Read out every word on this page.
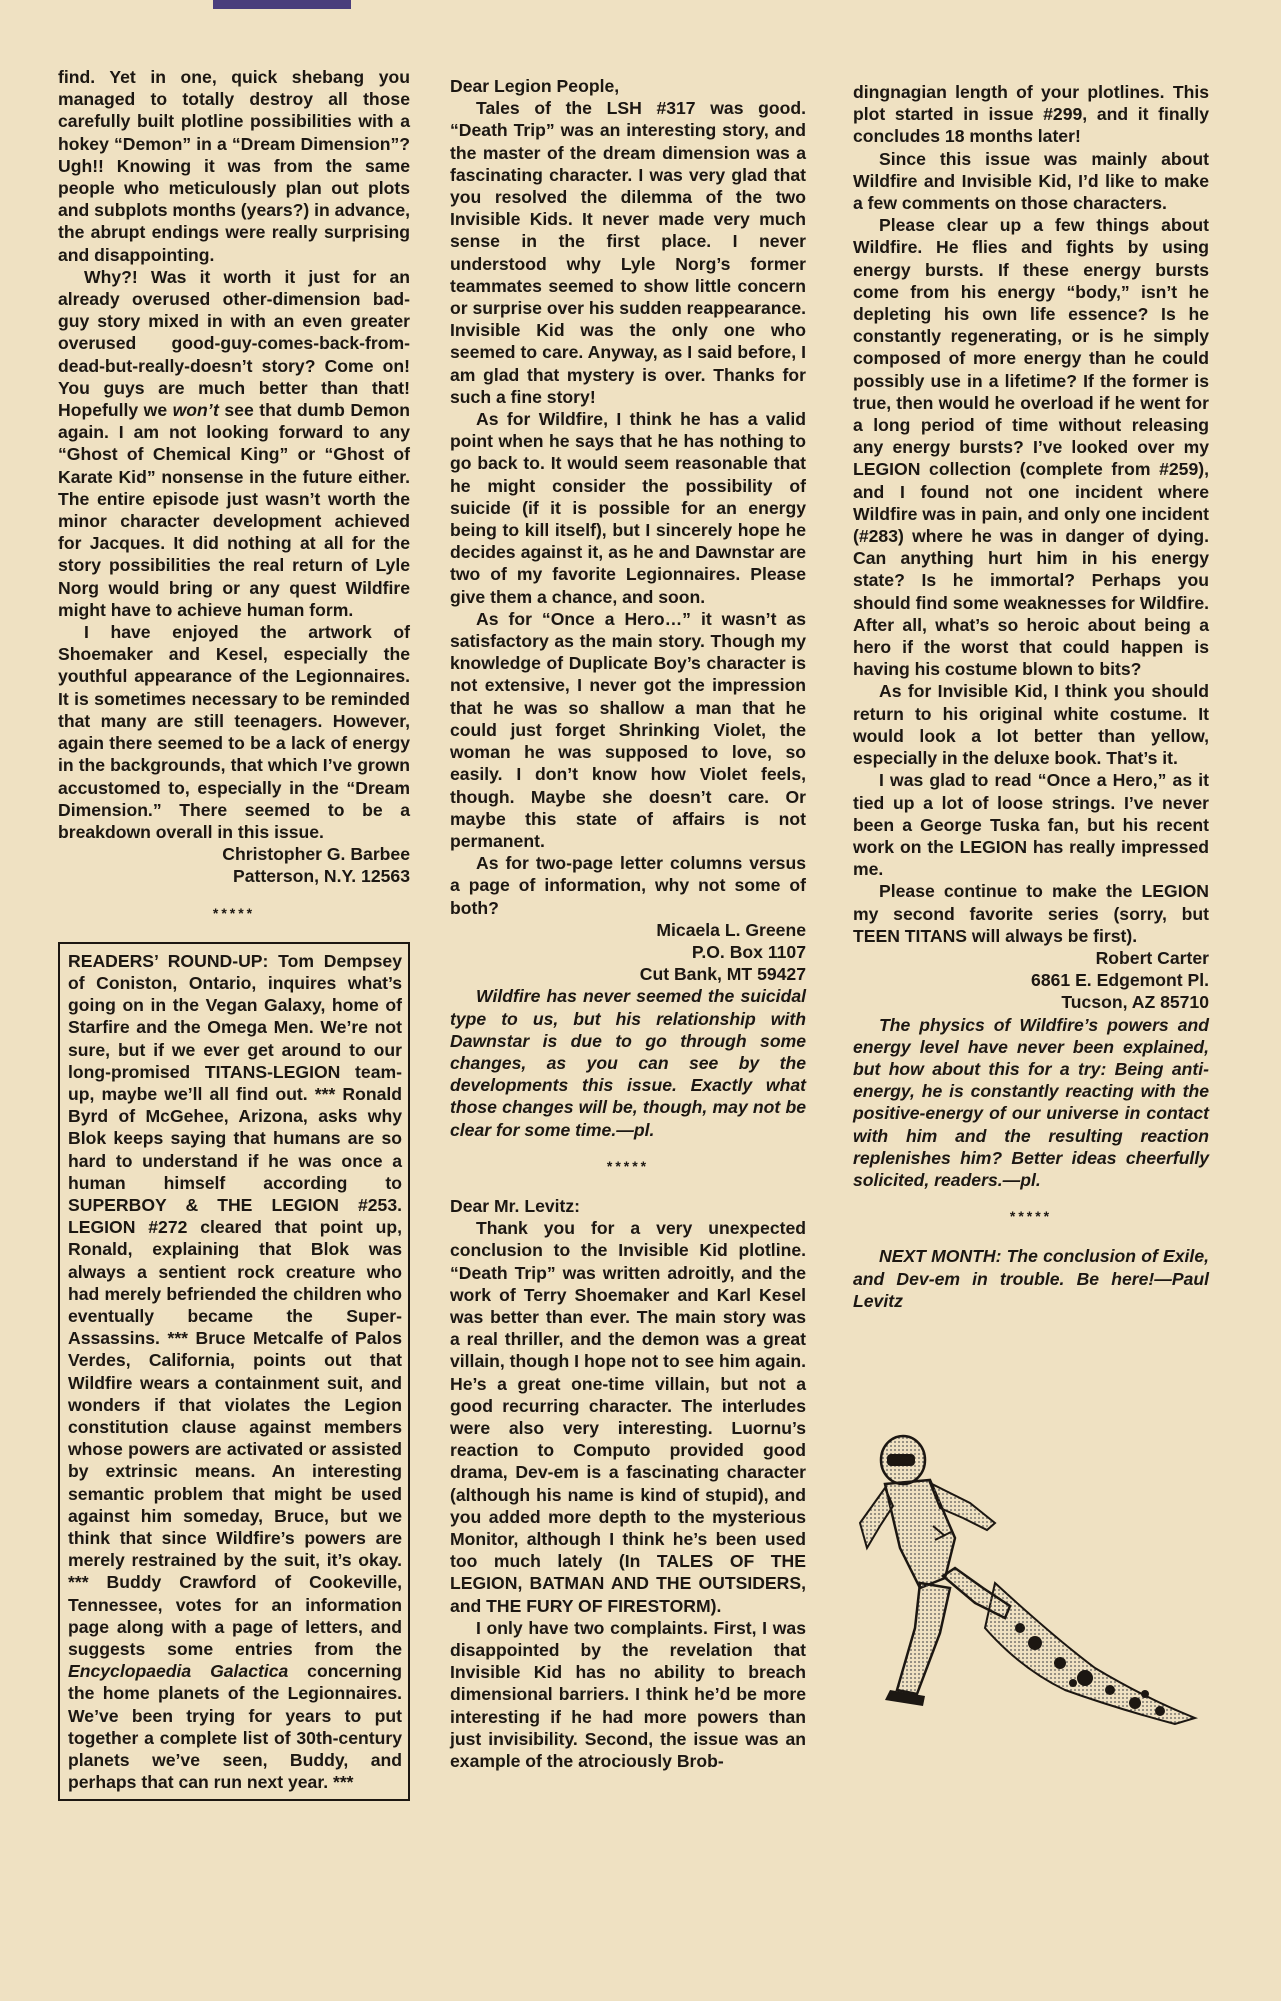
find. Yet in one, quick shebang you managed to totally destroy all those carefully built plotline possibilities with a hokey “Demon” in a “Dream Dimension”? Ugh!! Knowing it was from the same people who meticulously plan out plots and subplots months (years?) in advance, the abrupt endings were really surprising and disappointing.

Why?! Was it worth it just for an already overused other-dimension bad-guy story mixed in with an even greater overused good-guy-comes-back-from-dead-but-really-doesn’t story? Come on! You guys are much better than that! Hopefully we won’t see that dumb Demon again. I am not looking forward to any “Ghost of Chemical King” or “Ghost of Karate Kid” nonsense in the future either. The entire episode just wasn’t worth the minor character development achieved for Jacques. It did nothing at all for the story possibilities the real return of Lyle Norg would bring or any quest Wildfire might have to achieve human form.

I have enjoyed the artwork of Shoemaker and Kesel, especially the youthful appearance of the Legionnaires. It is sometimes necessary to be reminded that many are still teenagers. However, again there seemed to be a lack of energy in the backgrounds, that which I’ve grown accustomed to, especially in the “Dream Dimension.” There seemed to be a breakdown overall in this issue.

Christopher G. Barbee
Patterson, N.Y. 12563
*****

READERS’ ROUND-UP: Tom Dempsey of Coniston, Ontario, inquires what’s going on in the Vegan Galaxy, home of Starfire and the Omega Men. We’re not sure, but if we ever get around to our long-promised TITANS-LEGION team-up, maybe we’ll all find out. *** Ronald Byrd of McGehee, Arizona, asks why Blok keeps saying that humans are so hard to understand if he was once a human himself according to SUPERBOY & THE LEGION #253. LEGION #272 cleared that point up, Ronald, explaining that Blok was always a sentient rock creature who had merely befriended the children who eventually became the Super-Assassins. *** Bruce Metcalfe of Palos Verdes, California, points out that Wildfire wears a containment suit, and wonders if that violates the Legion constitution clause against members whose powers are activated or assisted by extrinsic means. An interesting semantic problem that might be used against him someday, Bruce, but we think that since Wildfire’s powers are merely restrained by the suit, it’s okay. *** Buddy Crawford of Cookeville, Tennessee, votes for an information page along with a page of letters, and suggests some entries from the Encyclopaedia Galactica concerning the home planets of the Legionnaires. We’ve been trying for years to put together a complete list of 30th-century planets we’ve seen, Buddy, and perhaps that can run next year. ***

Dear Legion People,

Tales of the LSH #317 was good. “Death Trip” was an interesting story, and the master of the dream dimension was a fascinating character. I was very glad that you resolved the dilemma of the two Invisible Kids. It never made very much sense in the first place. I never understood why Lyle Norg’s former teammates seemed to show little concern or surprise over his sudden reappearance. Invisible Kid was the only one who seemed to care. Anyway, as I said before, I am glad that mystery is over. Thanks for such a fine story!

As for Wildfire, I think he has a valid point when he says that he has nothing to go back to. It would seem reasonable that he might consider the possibility of suicide (if it is possible for an energy being to kill itself), but I sincerely hope he decides against it, as he and Dawnstar are two of my favorite Legionnaires. Please give them a chance, and soon.

As for “Once a Hero…” it wasn’t as satisfactory as the main story. Though my knowledge of Duplicate Boy’s character is not extensive, I never got the impression that he was so shallow a man that he could just forget Shrinking Violet, the woman he was supposed to love, so easily. I don’t know how Violet feels, though. Maybe she doesn’t care. Or maybe this state of affairs is not permanent.

As for two-page letter columns versus a page of information, why not some of both?

Micaela L. Greene
P.O. Box 1107
Cut Bank, MT 59427

Wildfire has never seemed the suicidal type to us, but his relationship with Dawnstar is due to go through some changes, as you can see by the developments this issue. Exactly what those changes will be, though, may not be clear for some time.—pl.

*****

Dear Mr. Levitz:

Thank you for a very unexpected conclusion to the Invisible Kid plotline. “Death Trip” was written adroitly, and the work of Terry Shoemaker and Karl Kesel was better than ever. The main story was a real thriller, and the demon was a great villain, though I hope not to see him again. He’s a great one-time villain, but not a good recurring character. The interludes were also very interesting. Luornu’s reaction to Computo provided good drama, Dev-em is a fascinating character (although his name is kind of stupid), and you added more depth to the mysterious Monitor, although I think he’s been used too much lately (In TALES OF THE LEGION, BATMAN AND THE OUTSIDERS, and THE FURY OF FIRESTORM).

I only have two complaints. First, I was disappointed by the revelation that Invisible Kid has no ability to breach dimensional barriers. I think he’d be more interesting if he had more powers than just invisibility. Second, the issue was an example of the atrociously Brob-

dingnagian length of your plotlines. This plot started in issue #299, and it finally concludes 18 months later!

Since this issue was mainly about Wildfire and Invisible Kid, I’d like to make a few comments on those characters.

Please clear up a few things about Wildfire. He flies and fights by using energy bursts. If these energy bursts come from his energy “body,” isn’t he depleting his own life essence? Is he constantly regenerating, or is he simply composed of more energy than he could possibly use in a lifetime? If the former is true, then would he overload if he went for a long period of time without releasing any energy bursts? I’ve looked over my LEGION collection (complete from #259), and I found not one incident where Wildfire was in pain, and only one incident (#283) where he was in danger of dying. Can anything hurt him in his energy state? Is he immortal? Perhaps you should find some weaknesses for Wildfire. After all, what’s so heroic about being a hero if the worst that could happen is having his costume blown to bits?

As for Invisible Kid, I think you should return to his original white costume. It would look a lot better than yellow, especially in the deluxe book. That’s it.

I was glad to read “Once a Hero,” as it tied up a lot of loose strings. I’ve never been a George Tuska fan, but his recent work on the LEGION has really impressed me.

Please continue to make the LEGION my second favorite series (sorry, but TEEN TITANS will always be first).

Robert Carter
6861 E. Edgemont Pl.
Tucson, AZ 85710

The physics of Wildfire’s powers and energy level have never been explained, but how about this for a try: Being anti-energy, he is constantly reacting with the positive-energy of our universe in contact with him and the resulting reaction replenishes him? Better ideas cheerfully solicited, readers.—pl.

*****

NEXT MONTH: The conclusion of Exile, and Dev-em in trouble. Be here!—Paul Levitz
